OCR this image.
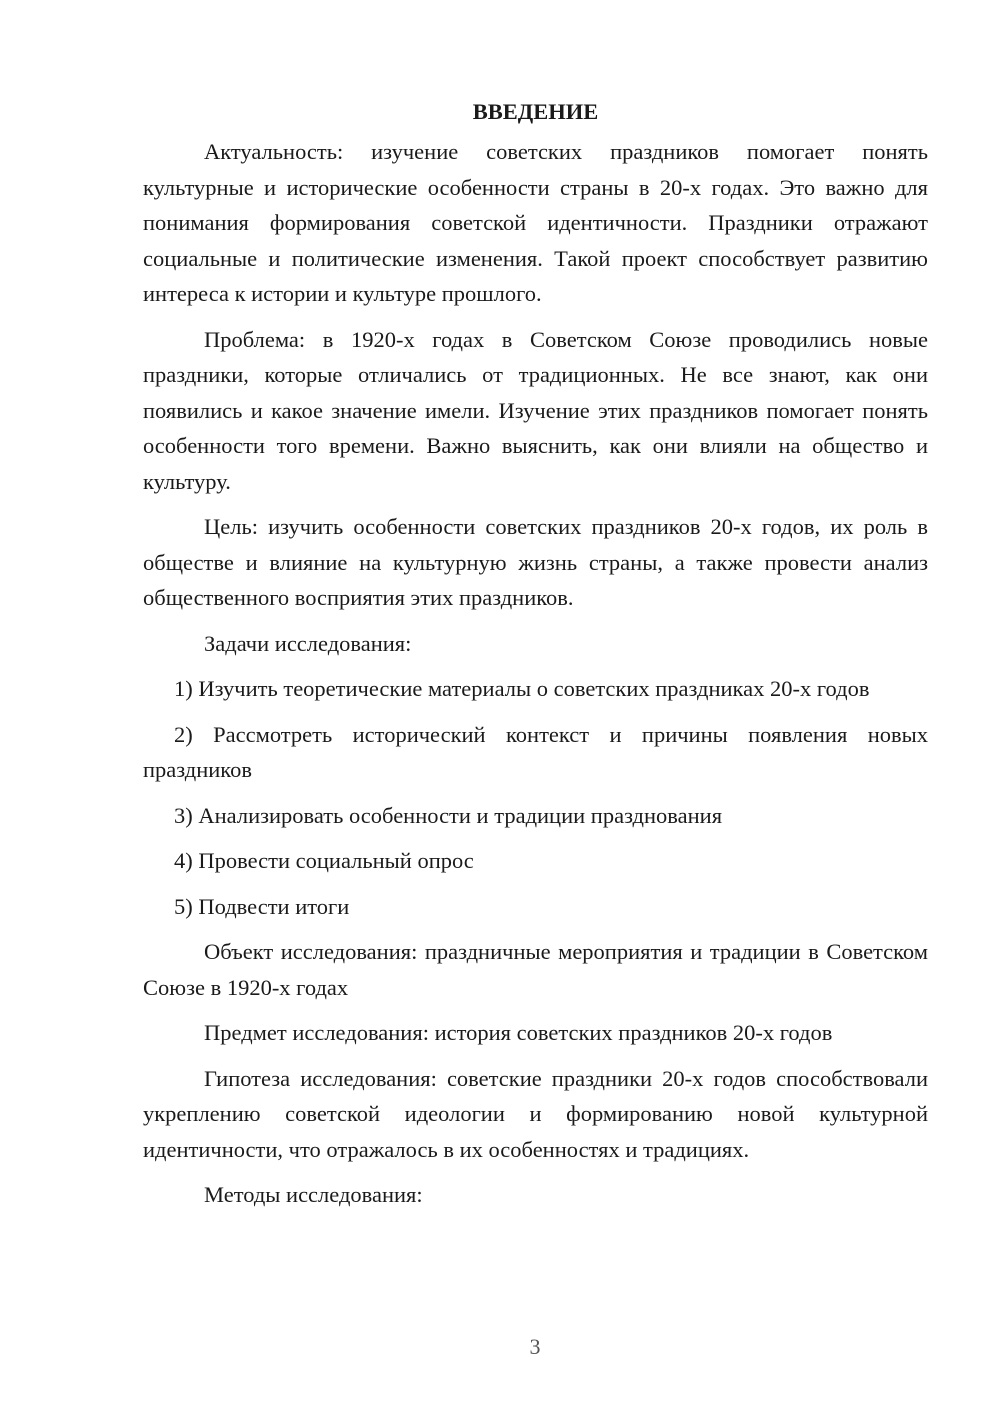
ВВЕДЕНИЕ

Актуальность: изучение советских праздников помогает понять культурные и исторические особенности страны в 20-х годах. Это важно для понимания формирования советской идентичности. Праздники отражают социальные и политические изменения. Такой проект способствует развитию интереса к истории и культуре прошлого.

Проблема: в 1920-х годах в Советском Союзе проводились новые праздники, которые отличались от традиционных. Не все знают, как они появились и какое значение имели. Изучение этих праздников помогает понять особенности того времени. Важно выяснить, как они влияли на общество и культуру.

Цель: изучить особенности советских праздников 20-х годов, их роль в обществе и влияние на культурную жизнь страны, а также провести анализ общественного восприятия этих праздников.

Задачи исследования:

1) Изучить теоретические материалы о советских праздниках 20-х годов
2) Рассмотреть исторический контекст и причины появления новых праздников
3) Анализировать особенности и традиции празднования
4) Провести социальный опрос
5) Подвести итоги

Объект исследования: праздничные мероприятия и традиции в Советском Союзе в 1920-х годах

Предмет исследования: история советских праздников 20-х годов

Гипотеза исследования: советские праздники 20-х годов способствовали укреплению советской идеологии и формированию новой культурной идентичности, что отражалось в их особенностях и традициях.

Методы исследования:

3
